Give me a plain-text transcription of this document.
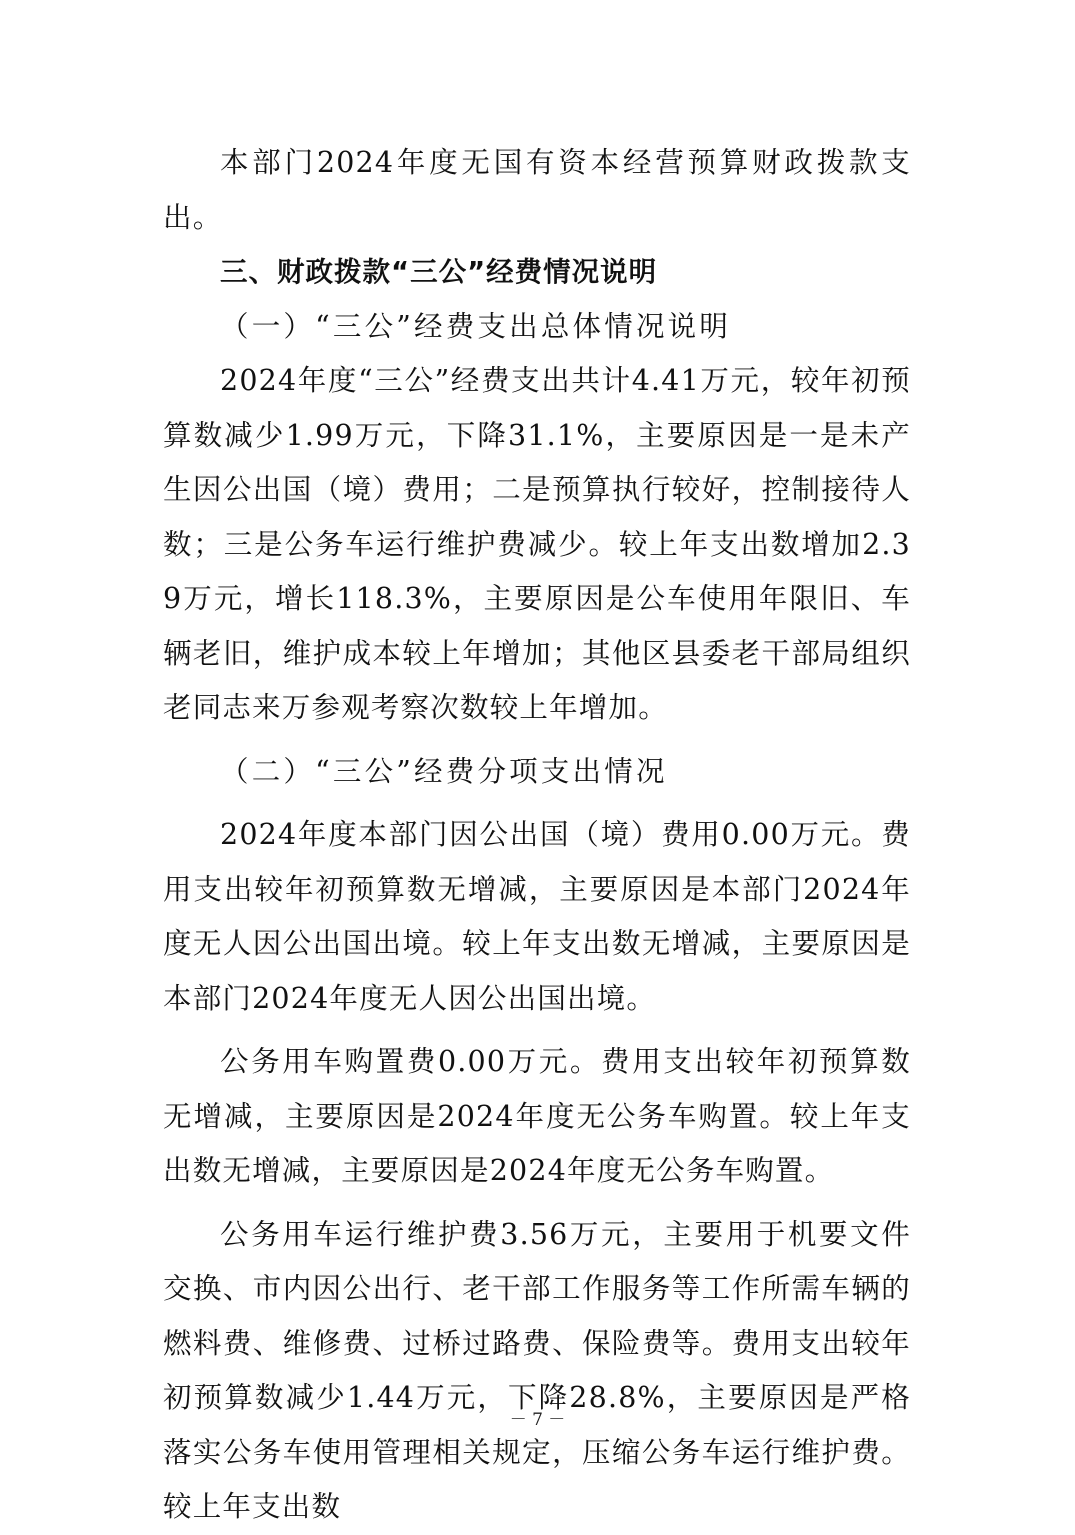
本部门2024年度无国有资本经营预算财政拨款支出。

三、财政拨款“三公”经费情况说明

（一）“三公”经费支出总体情况说明

2024年度“三公”经费支出共计4.41万元，较年初预算数减少1.99万元，下降31.1%，主要原因是一是未产生因公出国（境）费用；二是预算执行较好，控制接待人数；三是公务车运行维护费减少。较上年支出数增加2.39万元，增长118.3%，主要原因是公车使用年限旧、车辆老旧，维护成本较上年增加；其他区县委老干部局组织老同志来万参观考察次数较上年增加。

（二）“三公”经费分项支出情况

2024年度本部门因公出国（境）费用0.00万元。费用支出较年初预算数无增减，主要原因是本部门2024年度无人因公出国出境。较上年支出数无增减，主要原因是本部门2024年度无人因公出国出境。

公务用车购置费0.00万元。费用支出较年初预算数无增减，主要原因是2024年度无公务车购置。较上年支出数无增减，主要原因是2024年度无公务车购置。

公务用车运行维护费3.56万元，主要用于机要文件交换、市内因公出行、老干部工作服务等工作所需车辆的燃料费、维修费、过桥过路费、保险费等。费用支出较年初预算数减少1.44万元，下降28.8%，主要原因是严格落实公务车使用管理相关规定，压缩公务车运行维护费。较上年支出数

－ 7 －
